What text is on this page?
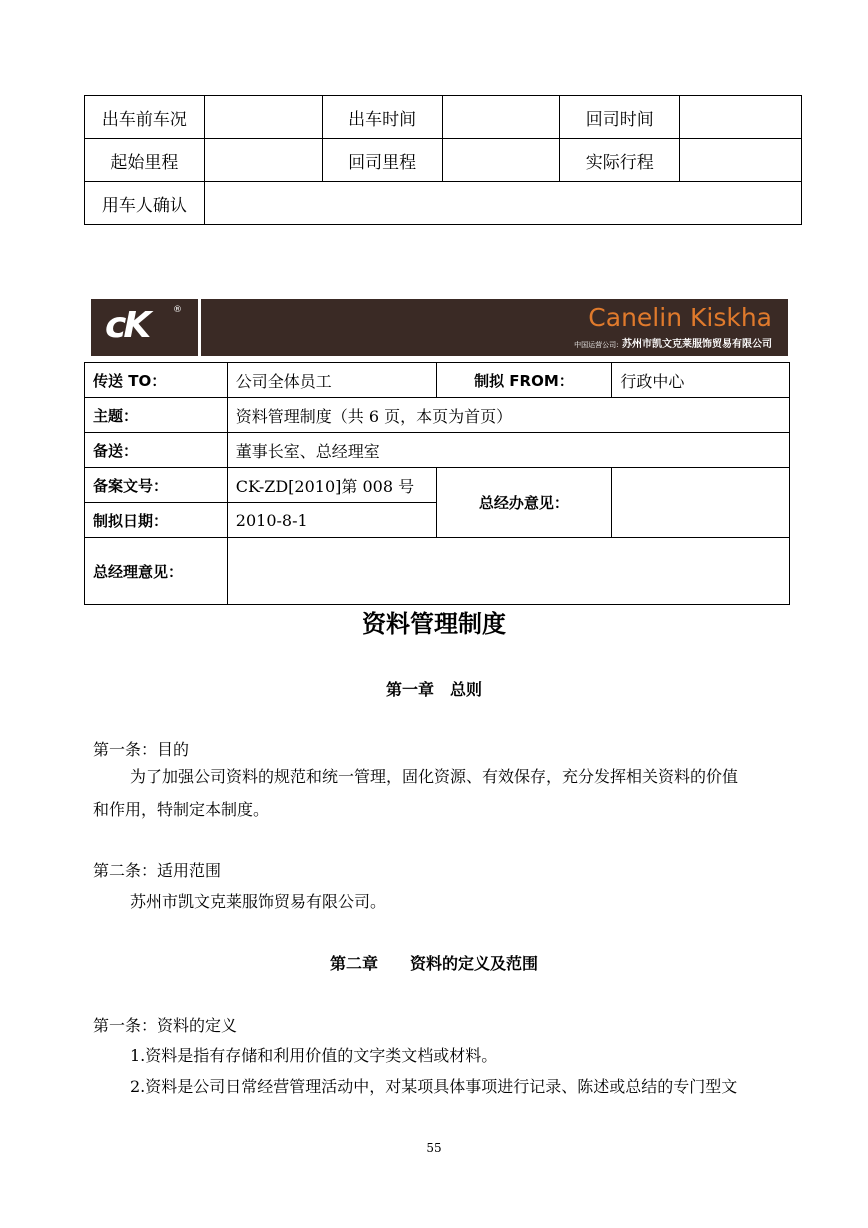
出车前车况		出车时间		回司时间	
起始里程		回司里程		实际行程	
用车人确认					
cK	®	Canelin Kiskha
中国运营公司: 苏州市凯文克莱服饰贸易有限公司
传送 TO：	公司全体员工	制拟 FROM：	行政中心
主题：	资料管理制度（共 6 页，本页为首页）		
备送：	董事长室、总经理室		
备案文号：	CK-ZD[2010]第 008 号	总经办意见：	
制拟日期：	2010-8-1		
总经理意见：			
资料管理制度
第一章　总则
第一条：目的
为了加强公司资料的规范和统一管理，固化资源、有效保存，充分发挥相关资料的价值
和作用，特制定本制度。
第二条：适用范围
苏州市凯文克莱服饰贸易有限公司。
第二章　　资料的定义及范围
第一条：资料的定义
1.资料是指有存储和利用价值的文字类文档或材料。
2.资料是公司日常经营管理活动中，对某项具体事项进行记录、陈述或总结的专门型文
55
